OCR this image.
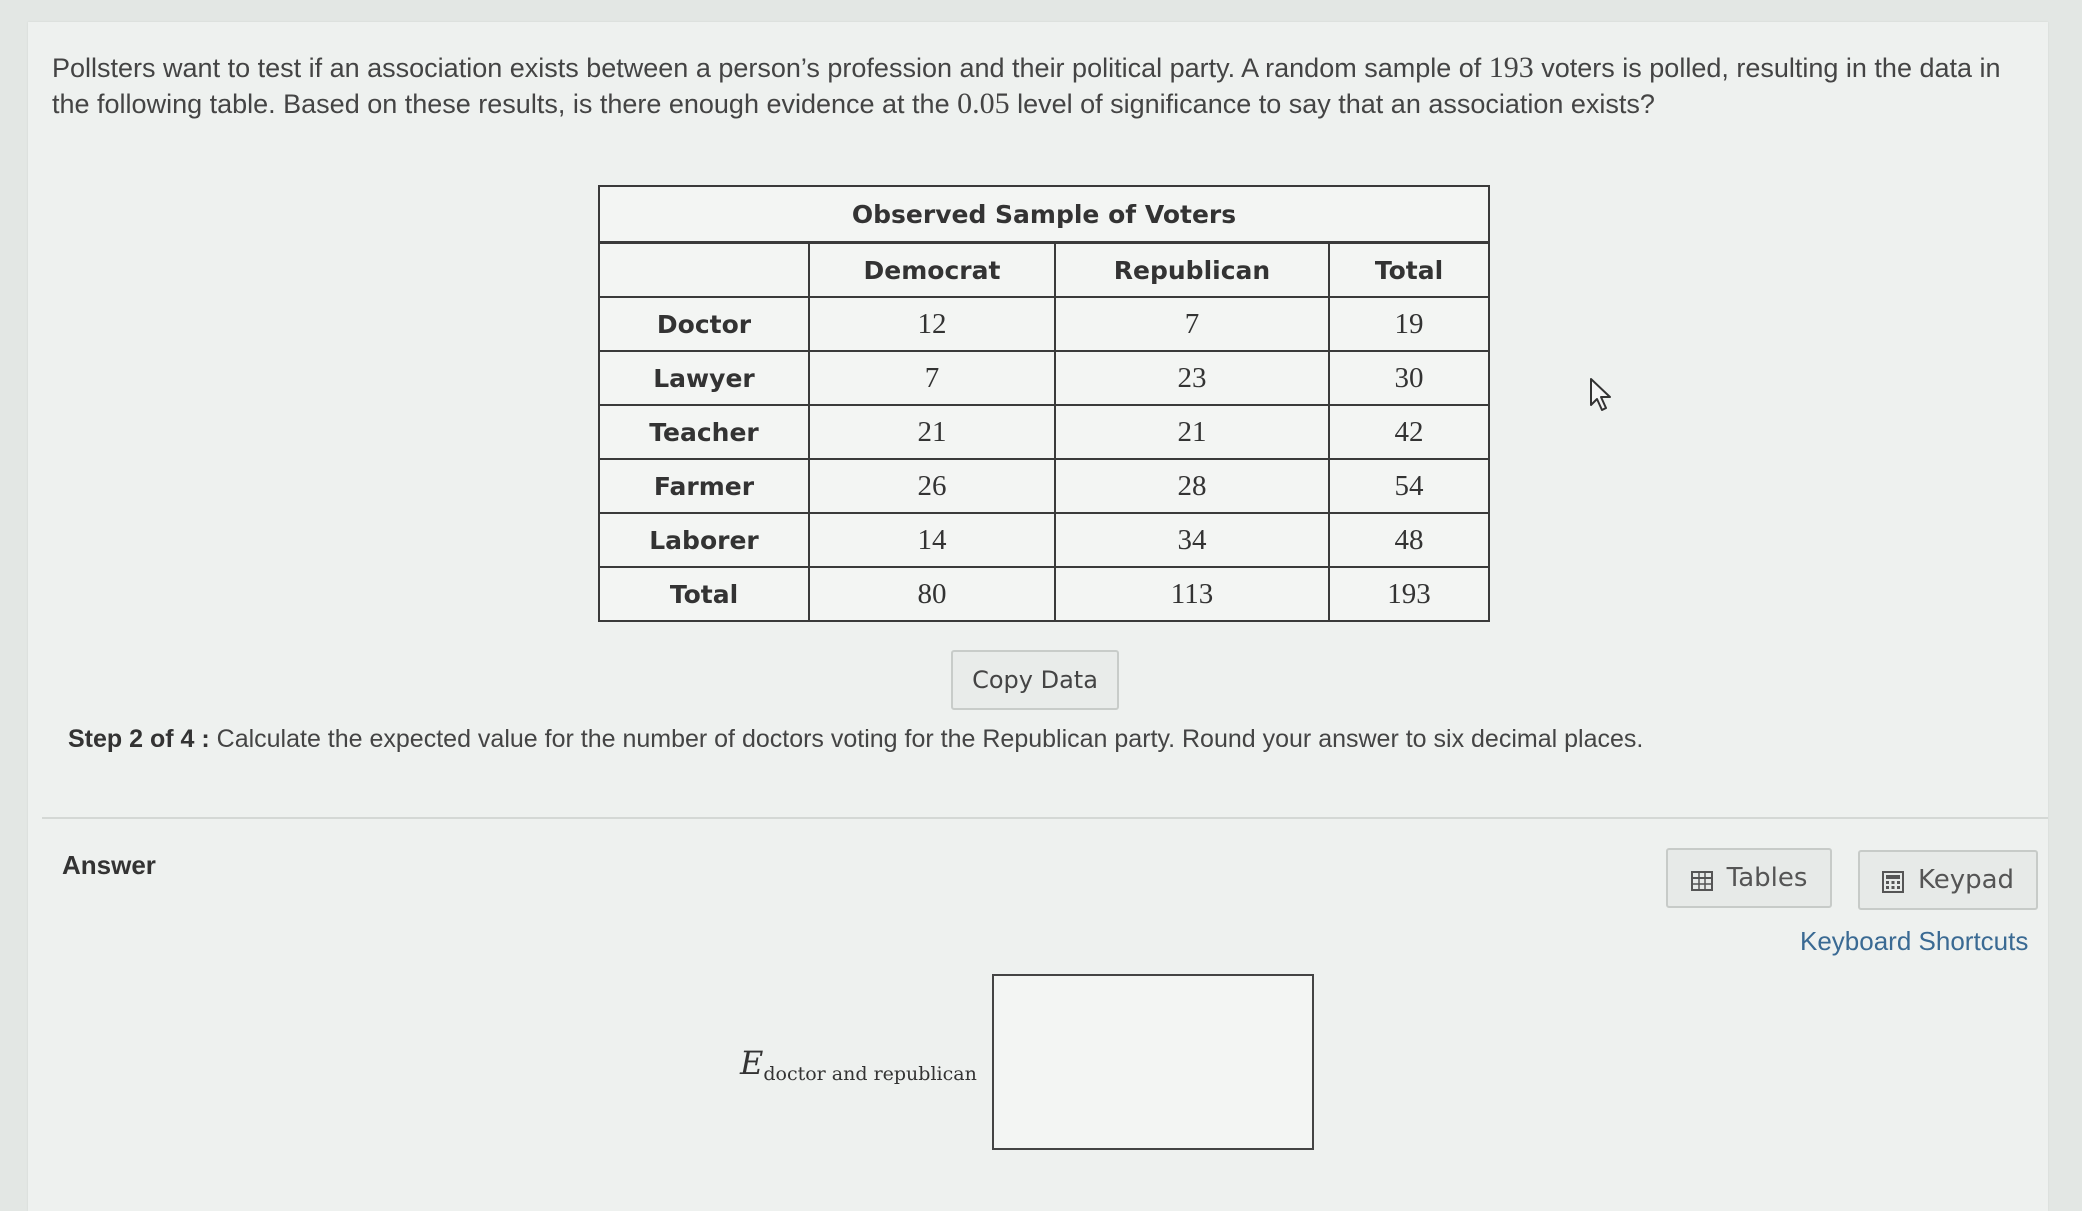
Pollsters want to test if an association exists between a person’s profession and their political party. A random sample of 193 voters is polled, resulting in the data in the following table. Based on these results, is there enough evidence at the 0.05 level of significance to say that an association exists?
Observed Sample of Voters			
	Democrat	Republican	Total
Doctor	12	7	19
Lawyer	7	23	30
Teacher	21	21	42
Farmer	26	28	54
Laborer	14	34	48
Total	80	113	193
Copy Data
Step 2 of 4 : Calculate the expected value for the number of doctors voting for the Republican party. Round your answer to six decimal places.
Answer	Tables	Keypad
Keyboard Shortcuts
E doctor and republican
